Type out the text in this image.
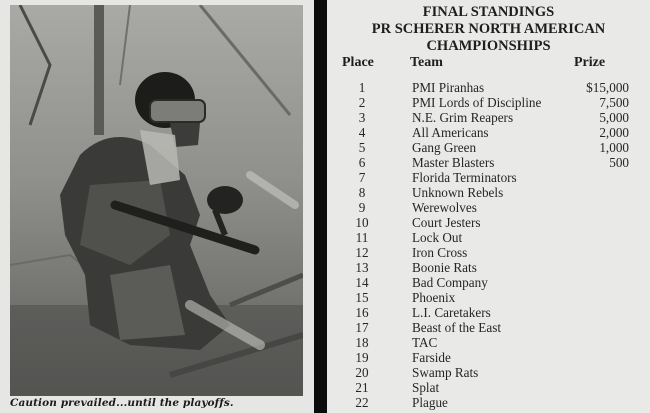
Caution prevailed...until the playoffs.
FINAL STANDINGS
PR SCHERER NORTH AMERICAN
CHAMPIONSHIPS
Place	Team	Prize
1	PMI Piranhas	$15,000
2	PMI Lords of Discipline	7,500
3	N.E. Grim Reapers	5,000
4	All Americans	2,000
5	Gang Green	1,000
6	Master Blasters	500
7	Florida Terminators
8	Unknown Rebels
9	Werewolves
10	Court Jesters
11	Lock Out
12	Iron Cross
13	Boonie Rats
14	Bad Company
15	Phoenix
16	L.I. Caretakers
17	Beast of the East
18	TAC
19	Farside
20	Swamp Rats
21	Splat
22	Plague
